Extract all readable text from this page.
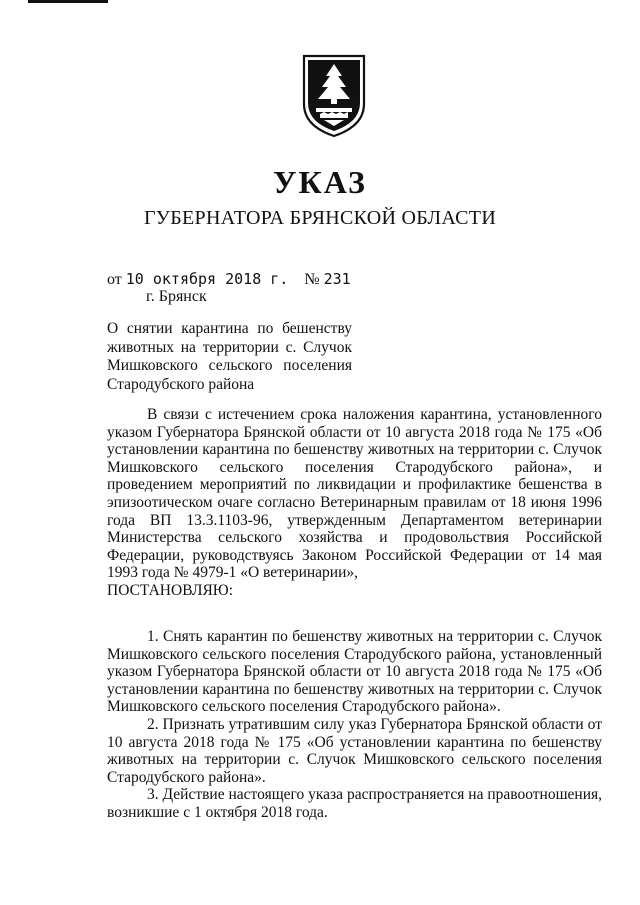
УКАЗ
ГУБЕРНАТОРА БРЯНСКОЙ ОБЛАСТИ
от 10 октября 2018 г. № 231
г. Брянск
О снятии карантина по бешенству животных на территории с. Случок Мишковского сельского поселения Стародубского района

В связи с истечением срока наложения карантина, установленного указом Губернатора Брянской области от 10 августа 2018 года № 175 «Об установлении карантина по бешенству животных на территории с. Случок Мишковского сельского поселения Стародубского района», и проведением мероприятий по ликвидации и профилактике бешенства в эпизоотическом очаге согласно Ветеринарным правилам от 18 июня 1996 года ВП 13.3.1103-96, утвержденным Департаментом ветеринарии Министерства сельского хозяйства и продовольствия Российской Федерации, руководствуясь Законом Российской Федерации от 14 мая 1993 года № 4979-1 «О ветеринарии»,

ПОСТАНОВЛЯЮ:

1. Снять карантин по бешенству животных на территории с. Случок Мишковского сельского поселения Стародубского района, установленный указом Губернатора Брянской области от 10 августа 2018 года № 175 «Об установлении карантина по бешенству животных на территории с. Случок Мишковского сельского поселения Стародубского района».

2. Признать утратившим силу указ Губернатора Брянской области от 10 августа 2018 года № 175 «Об установлении карантина по бешенству животных на территории с. Случок Мишковского сельского поселения Стародубского района».

3. Действие настоящего указа распространяется на правоотношения, возникшие с 1 октября 2018 года.
